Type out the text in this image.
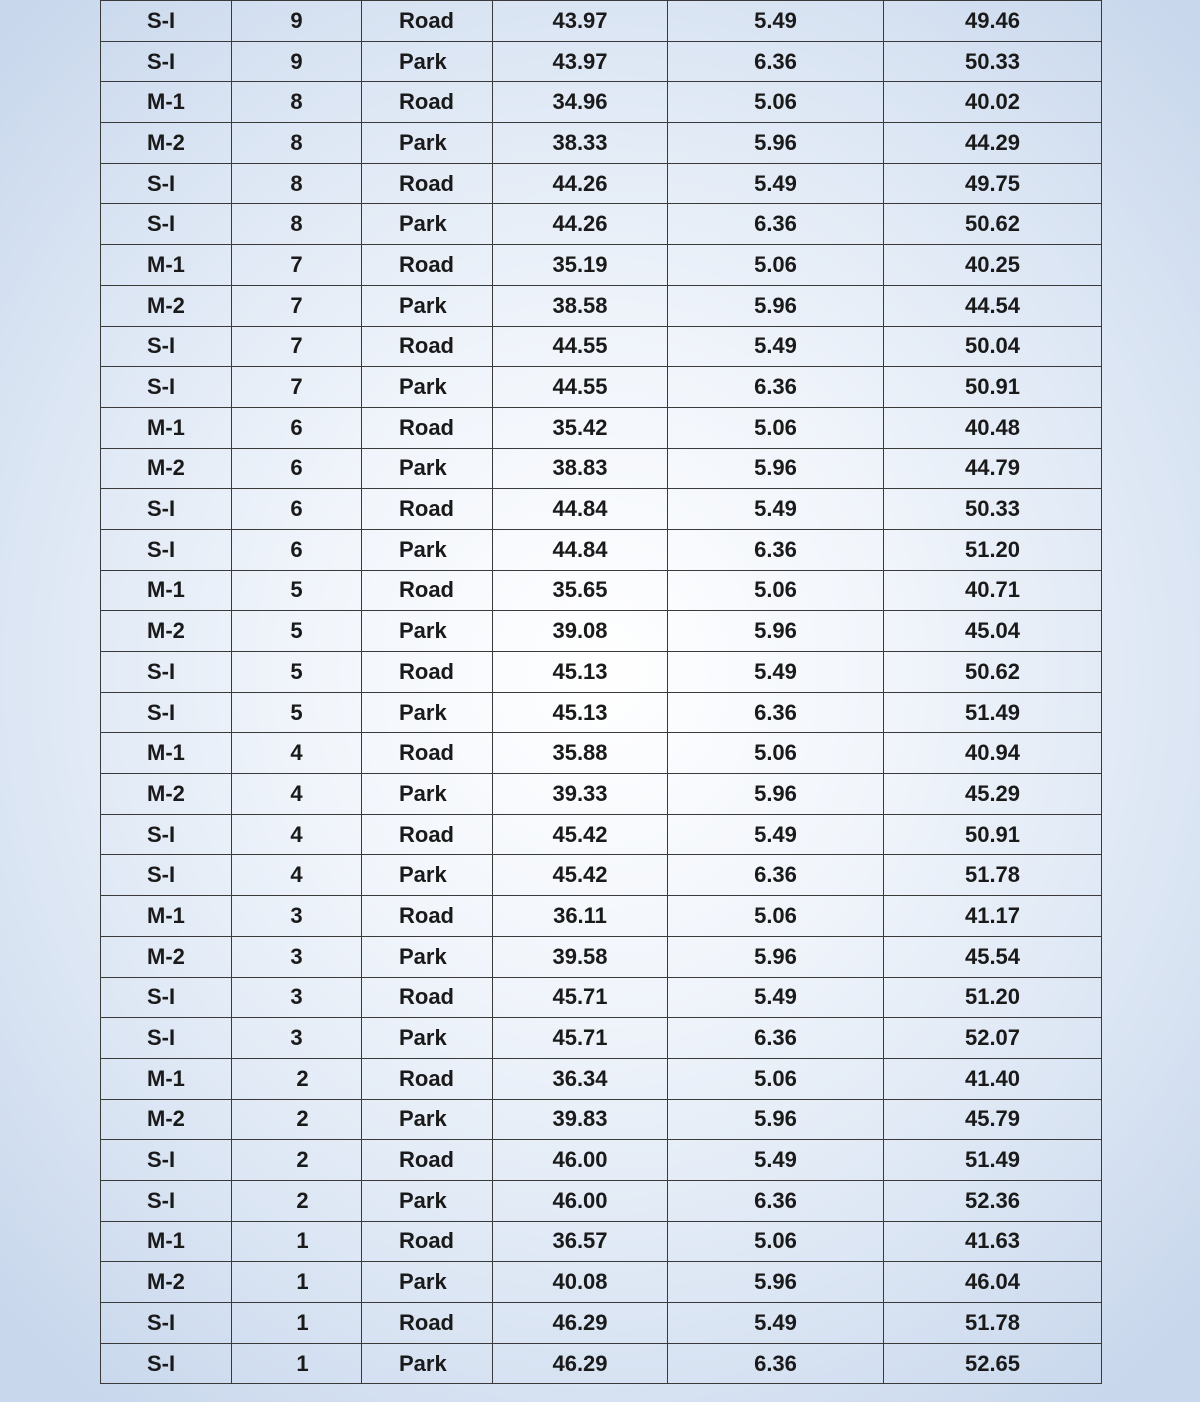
S-I	9	Road	43.97	5.49	49.46
S-I	9	Park	43.97	6.36	50.33
M-1	8	Road	34.96	5.06	40.02
M-2	8	Park	38.33	5.96	44.29
S-I	8	Road	44.26	5.49	49.75
S-I	8	Park	44.26	6.36	50.62
M-1	7	Road	35.19	5.06	40.25
M-2	7	Park	38.58	5.96	44.54
S-I	7	Road	44.55	5.49	50.04
S-I	7	Park	44.55	6.36	50.91
M-1	6	Road	35.42	5.06	40.48
M-2	6	Park	38.83	5.96	44.79
S-I	6	Road	44.84	5.49	50.33
S-I	6	Park	44.84	6.36	51.20
M-1	5	Road	35.65	5.06	40.71
M-2	5	Park	39.08	5.96	45.04
S-I	5	Road	45.13	5.49	50.62
S-I	5	Park	45.13	6.36	51.49
M-1	4	Road	35.88	5.06	40.94
M-2	4	Park	39.33	5.96	45.29
S-I	4	Road	45.42	5.49	50.91
S-I	4	Park	45.42	6.36	51.78
M-1	3	Road	36.11	5.06	41.17
M-2	3	Park	39.58	5.96	45.54
S-I	3	Road	45.71	5.49	51.20
S-I	3	Park	45.71	6.36	52.07
M-1	2	Road	36.34	5.06	41.40
M-2	2	Park	39.83	5.96	45.79
S-I	2	Road	46.00	5.49	51.49
S-I	2	Park	46.00	6.36	52.36
M-1	1	Road	36.57	5.06	41.63
M-2	1	Park	40.08	5.96	46.04
S-I	1	Road	46.29	5.49	51.78
S-I	1	Park	46.29	6.36	52.65
